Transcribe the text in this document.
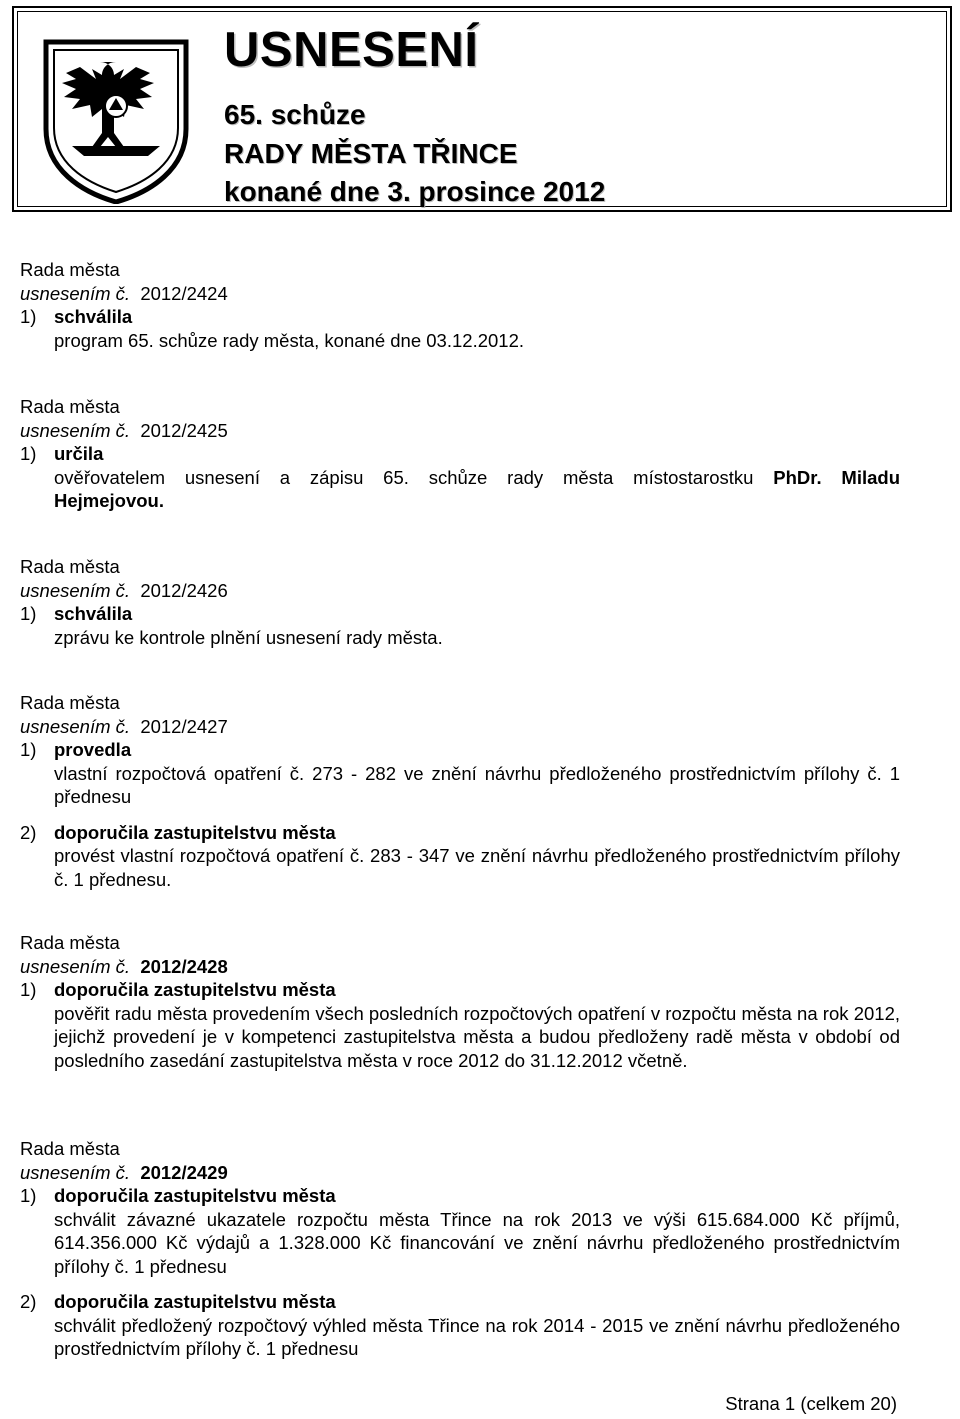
USNESENÍ
65. schůze
RADY MĚSTA TŘINCE
konané dne 3. prosince 2012
Rada města
usnesením č. 2012/2424
1) schválila
program 65. schůze rady města, konané dne 03.12.2012.
Rada města
usnesením č. 2012/2425
1) určila
ověřovatelem usnesení a zápisu 65. schůze rady města místostarostku PhDr. Miladu Hejmejovou.
Rada města
usnesením č. 2012/2426
1) schválila
zprávu ke kontrole plnění usnesení rady města.
Rada města
usnesením č. 2012/2427
1) provedla
vlastní rozpočtová opatření č. 273 - 282 ve znění návrhu předloženého prostřednictvím přílohy č. 1 přednesu
2) doporučila zastupitelstvu města
provést vlastní rozpočtová opatření č. 283 - 347 ve znění návrhu předloženého prostřednictvím přílohy č. 1 přednesu.
Rada města
usnesením č. 2012/2428
1) doporučila zastupitelstvu města
pověřit radu města provedením všech posledních rozpočtových opatření v rozpočtu města na rok 2012, jejichž provedení je v kompetenci zastupitelstva města a budou předloženy radě města v období od posledního zasedání zastupitelstva města v roce 2012 do 31.12.2012 včetně.
Rada města
usnesením č. 2012/2429
1) doporučila zastupitelstvu města
schválit závazné ukazatele rozpočtu města Třince na rok 2013 ve výši 615.684.000 Kč příjmů, 614.356.000 Kč výdajů a 1.328.000 Kč financování ve znění návrhu předloženého prostřednictvím přílohy č. 1 přednesu
2) doporučila zastupitelstvu města
schválit předložený rozpočtový výhled města Třince na rok 2014 - 2015 ve znění návrhu předloženého prostřednictvím přílohy č. 1 přednesu
Strana 1 (celkem 20)
